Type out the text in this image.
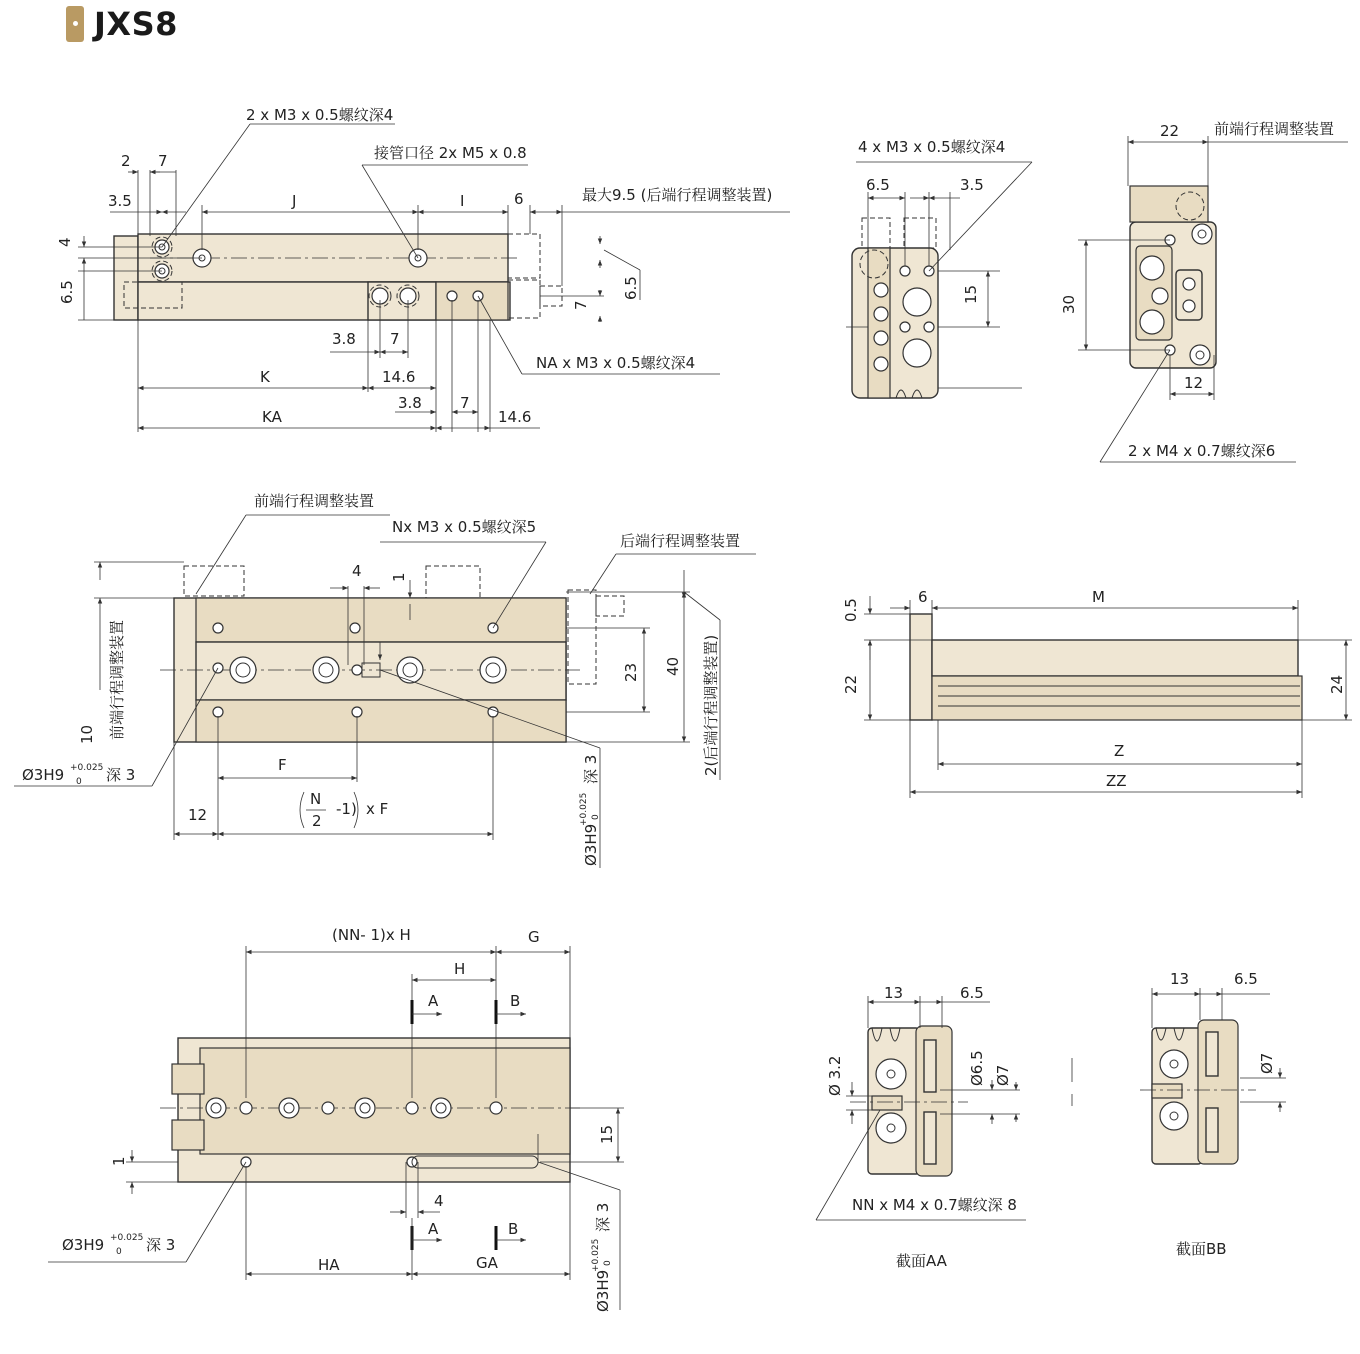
JXS8
2 x M3 x 0.5螺纹深4
接管口径 2x M5 x 0.8
最大9.5 (后端行程调整装置)
NA x M3 x 0.5螺纹深4
2 7
3.5	J	I	6
4
6.5	6.5
7
3.8 7
K	14.6
KA
3.8	7
14.6
4 x M3 x 0.5螺纹深4
6.5	3.5
15
22 前端行程调整装置
30
12
2 x M4 x 0.7螺纹深6
前端行程调整装置
Nx M3 x 0.5螺纹深5
后端行程调整装置
4 1
23 40
10 前端行程调整装置	2(后端行程调整装置)
Ø3H9 +0.025
0 深 3
F
12
N
2
-1) x F
Ø3H9
+0.025 0
深 3
0.5
6	M
22	24
Z
ZZ
(NN- 1)x H	G
H
A	B
15
1
4
A	B
HA	GA
Ø3H9 +0.025
0 深 3
Ø3H9
+0.025 0
深 3
13	6.5
Ø 3.2	Ø6.5 Ø7
NN x M4 x 0.7螺纹深 8
截面AA
13	6.5
Ø7
截面BB
